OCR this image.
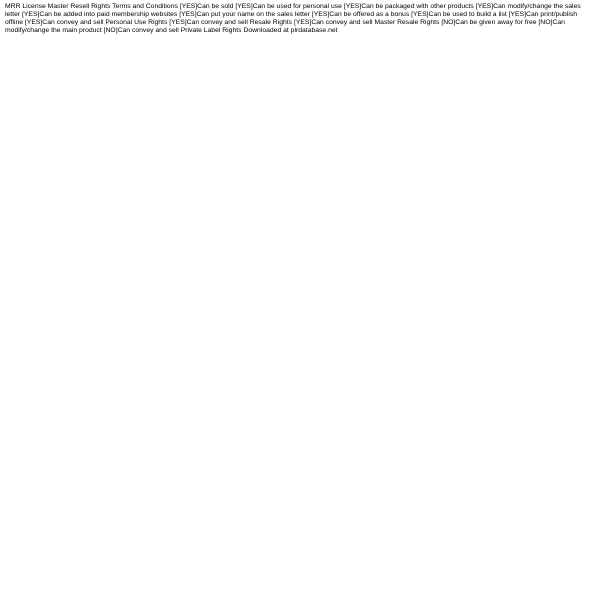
MRR License Master Resell Rights Terms and Conditions [YES]Can be sold [YES]Can be used for personal use [YES]Can be packaged with other products [YES]Can modify/change the sales letter [YES]Can be added into paid membership websites [YES]Can put your name on the sales letter [YES]Can be offered as a bonus [YES]Can be used to build a list [YES]Can print/publish offline [YES]Can convey and sell Personal Use Rights [YES]Can convey and sell Resale Rights [YES]Can convey and sell Master Resale Rights [NO]Can be given away for free [NO]Can modify/change the main product [NO]Can convey and sell Private Label Rights Downloaded at plrdatabase.net
